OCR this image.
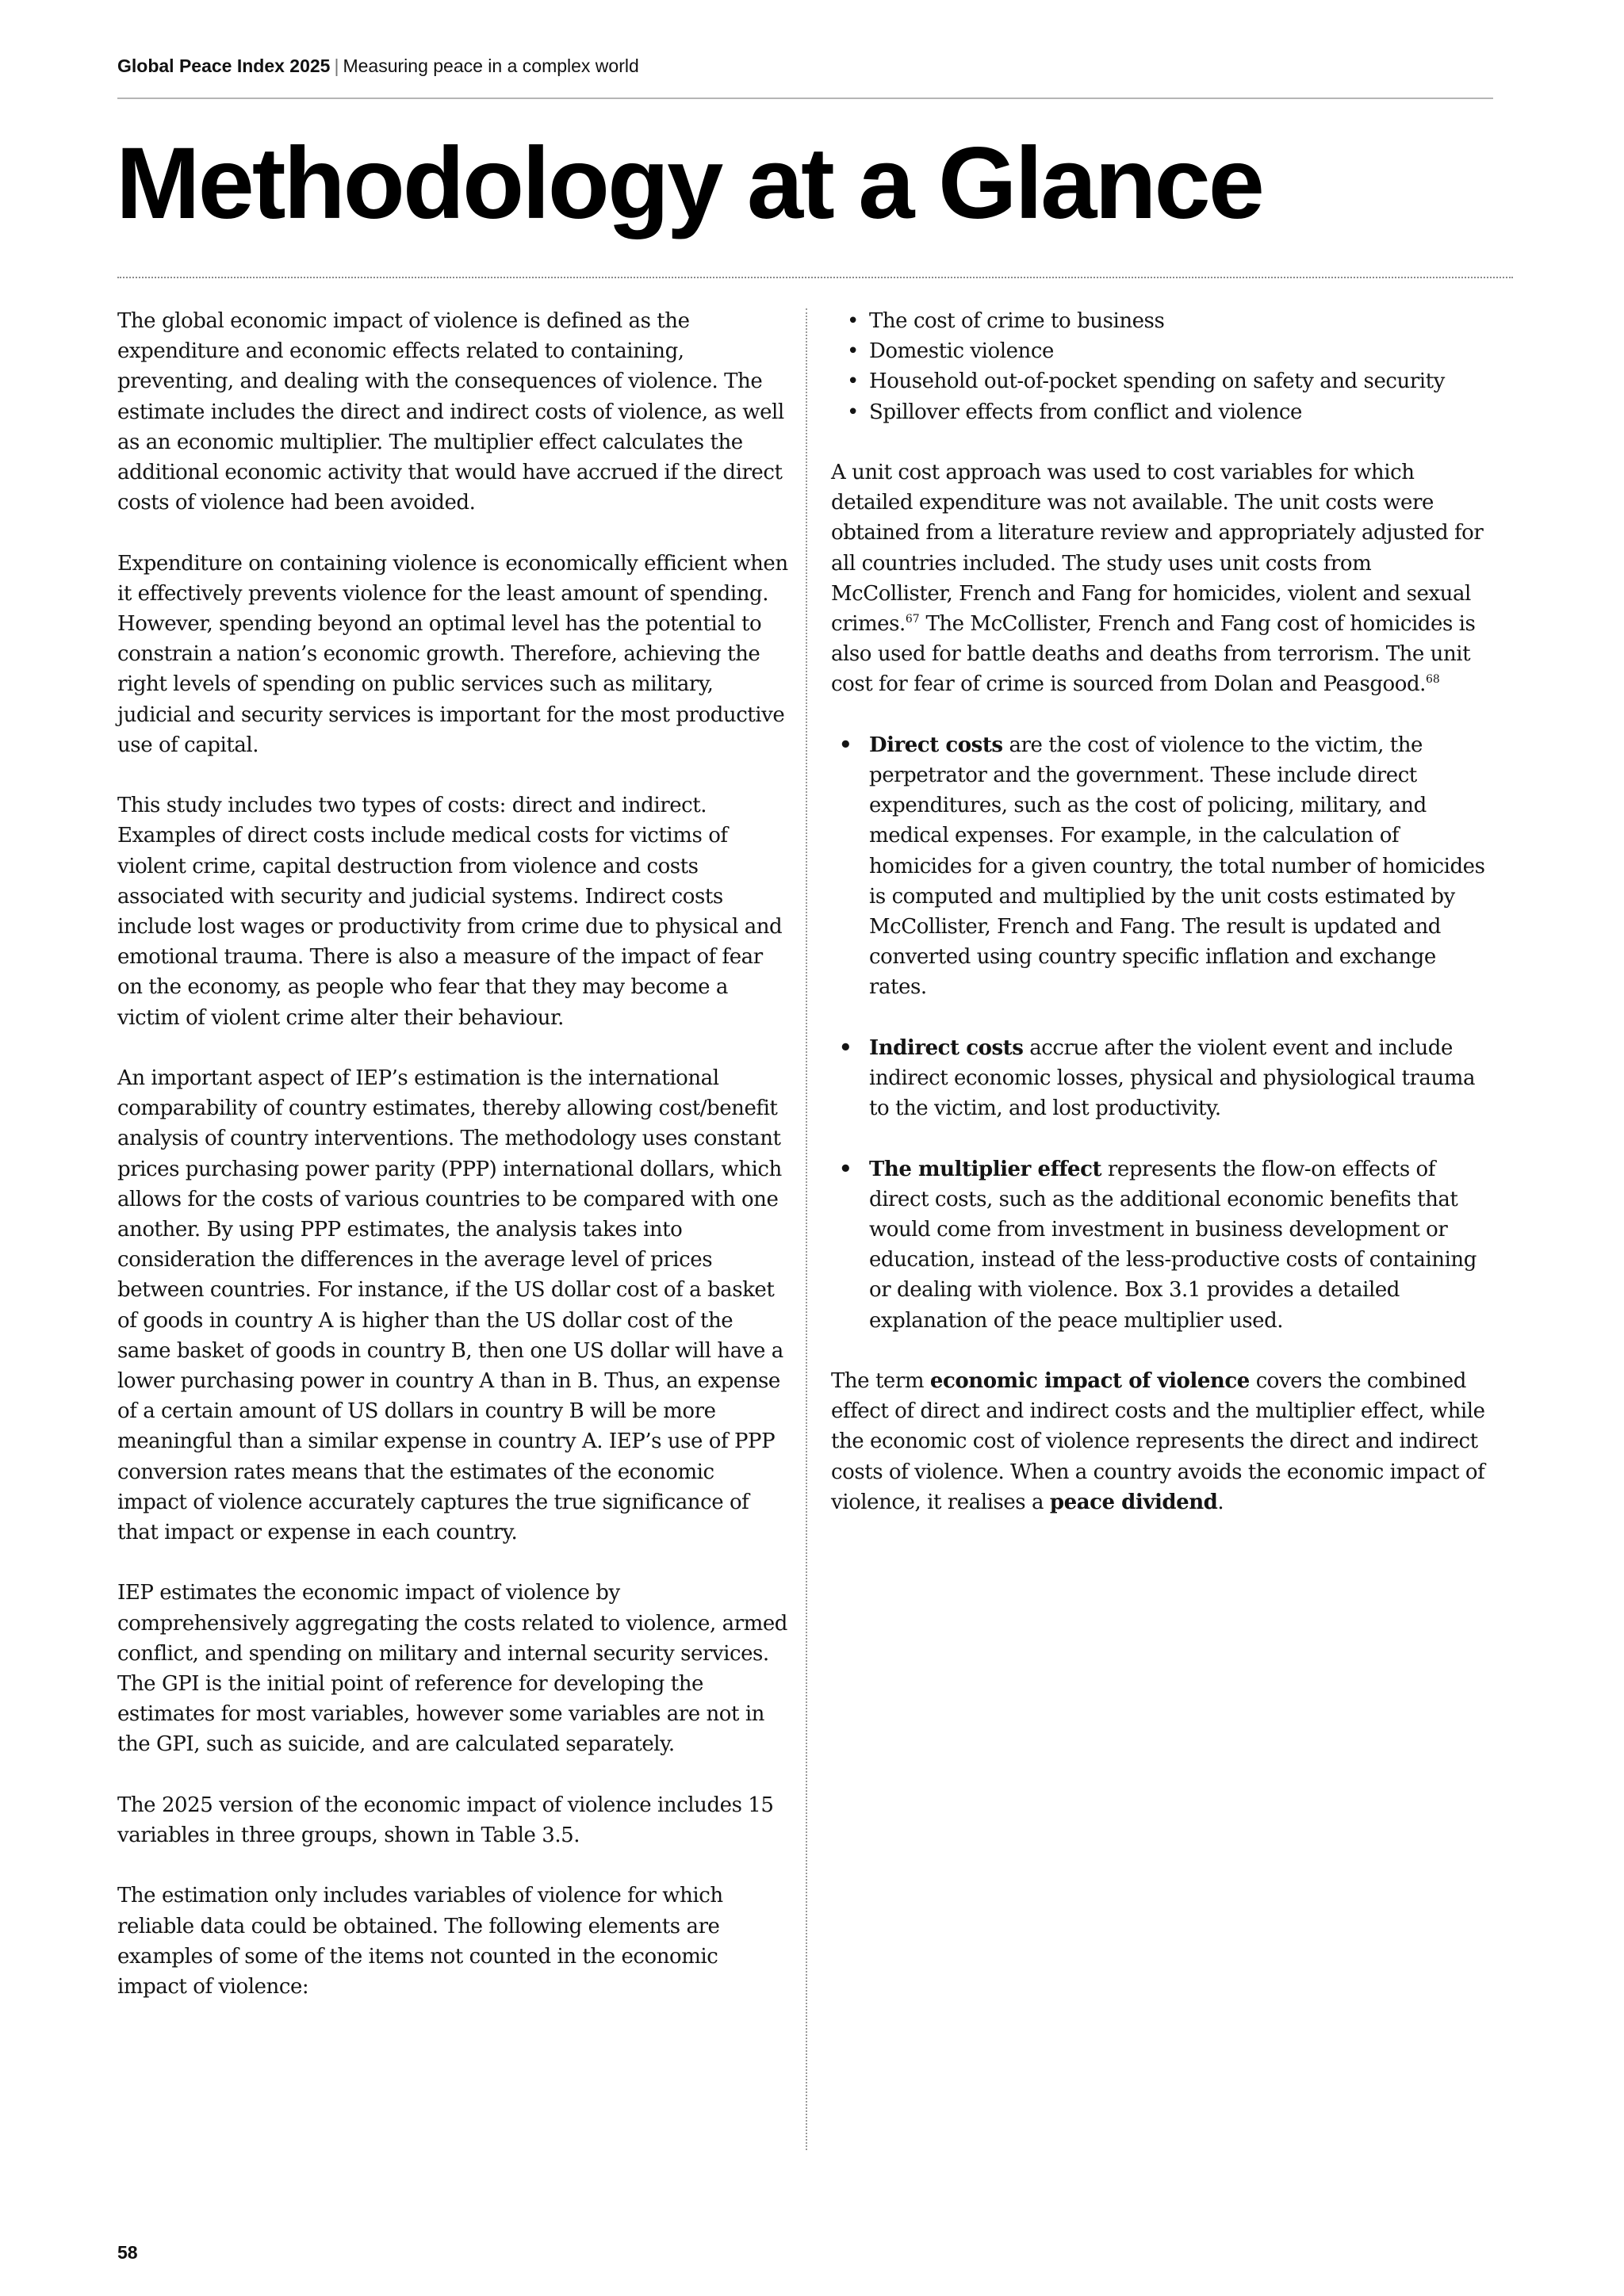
Global Peace Index 2025 | Measuring peace in a complex world
Methodology at a Glance

The global economic impact of violence is defined as the expenditure and economic effects related to containing, preventing, and dealing with the consequences of violence. The estimate includes the direct and indirect costs of violence, as well as an economic multiplier. The multiplier effect calculates the additional economic activity that would have accrued if the direct costs of violence had been avoided.

Expenditure on containing violence is economically efficient when it effectively prevents violence for the least amount of spending. However, spending beyond an optimal level has the potential to constrain a nation’s economic growth. Therefore, achieving the right levels of spending on public services such as military, judicial and security services is important for the most productive use of capital.

This study includes two types of costs: direct and indirect. Examples of direct costs include medical costs for victims of violent crime, capital destruction from violence and costs associated with security and judicial systems. Indirect costs include lost wages or productivity from crime due to physical and emotional trauma. There is also a measure of the impact of fear on the economy, as people who fear that they may become a victim of violent crime alter their behaviour.

An important aspect of IEP’s estimation is the international comparability of country estimates, thereby allowing cost/benefit analysis of country interventions. The methodology uses constant prices purchasing power parity (PPP) international dollars, which allows for the costs of various countries to be compared with one another. By using PPP estimates, the analysis takes into consideration the differences in the average level of prices between countries. For instance, if the US dollar cost of a basket of goods in country A is higher than the US dollar cost of the same basket of goods in country B, then one US dollar will have a lower purchasing power in country A than in B. Thus, an expense of a certain amount of US dollars in country B will be more meaningful than a similar expense in country A. IEP’s use of PPP conversion rates means that the estimates of the economic impact of violence accurately captures the true significance of that impact or expense in each country.

IEP estimates the economic impact of violence by comprehensively aggregating the costs related to violence, armed conflict, and spending on military and internal security services. The GPI is the initial point of reference for developing the estimates for most variables, however some variables are not in the GPI, such as suicide, and are calculated separately.

The 2025 version of the economic impact of violence includes 15 variables in three groups, shown in Table 3.5.

The estimation only includes variables of violence for which reliable data could be obtained. The following elements are examples of some of the items not counted in the economic impact of violence:

• The cost of crime to business
• Domestic violence
• Household out-of-pocket spending on safety and security
• Spillover effects from conflict and violence

A unit cost approach was used to cost variables for which detailed expenditure was not available. The unit costs were obtained from a literature review and appropriately adjusted for all countries included. The study uses unit costs from McCollister, French and Fang for homicides, violent and sexual crimes.$^{67}$ The McCollister, French and Fang cost of homicides is also used for battle deaths and deaths from terrorism. The unit cost for fear of crime is sourced from Dolan and Peasgood.$^{68}$

• Direct costs are the cost of violence to the victim, the perpetrator and the government. These include direct expenditures, such as the cost of policing, military, and medical expenses. For example, in the calculation of homicides for a given country, the total number of homicides is computed and multiplied by the unit costs estimated by McCollister, French and Fang. The result is updated and converted using country specific inflation and exchange rates.
• Indirect costs accrue after the violent event and include indirect economic losses, physical and physiological trauma to the victim, and lost productivity.
• The multiplier effect represents the flow-on effects of direct costs, such as the additional economic benefits that would come from investment in business development or education, instead of the less-productive costs of containing or dealing with violence. Box 3.1 provides a detailed explanation of the peace multiplier used.

The term economic impact of violence covers the combined effect of direct and indirect costs and the multiplier effect, while the economic cost of violence represents the direct and indirect costs of violence. When a country avoids the economic impact of violence, it realises a peace dividend.

58
